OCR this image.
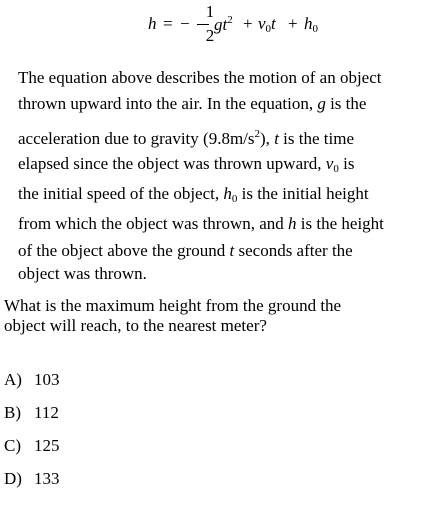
h = −
1
2
$gt^2 + v_0t + h_0$
The equation above describes the motion of an object
thrown upward into the air. In the equation, g is the
acceleration due to gravity $(9.8m/s^2)$, t is the time
elapsed since the object was thrown upward, $v_0$ is
the initial speed of the object, $h_0$ is the initial height
from which the object was thrown, and h is the height
of the object above the ground t seconds after the
object was thrown.
What is the maximum height from the ground the
object will reach, to the nearest meter?
A) 103
B) 112
C) 125
D) 133
